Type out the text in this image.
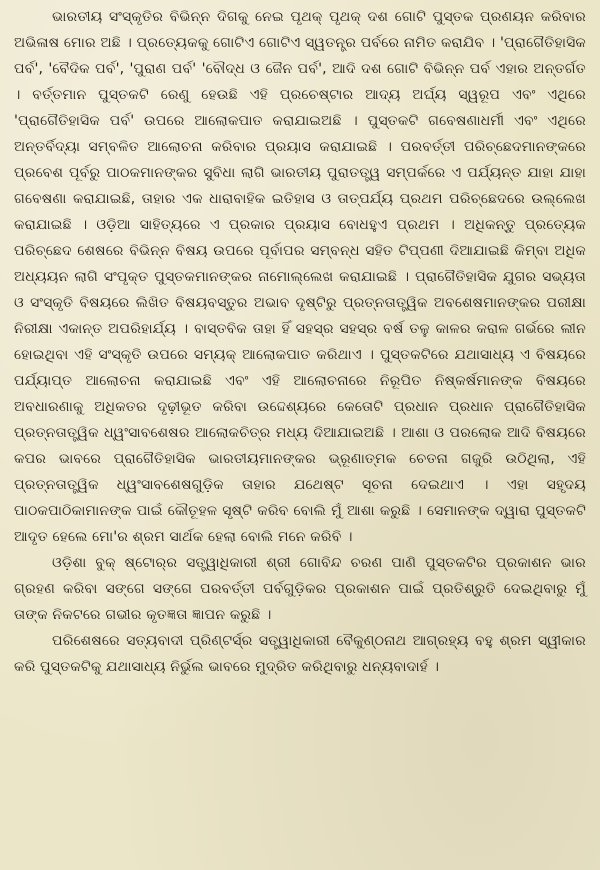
ଭାରତୀୟ ସଂସ୍କୃତିର ବିଭିନ୍ନ ଦିଗକୁ ନେଇ ପୃଥକ୍ ପୃଥକ୍ ଦଶ ଗୋଟି ପୁସ୍ତକ ପ୍ରଣୟନ କରିବାର ଅଭିଳାଷ ମୋର ଅଛି । ପ୍ରତ୍ୟେକକୁ ଗୋଟିଏ ଗୋଟିଏ ସ୍ୱତନ୍ତ୍ର ପର୍ବରେ ନାମିତ କରାଯିବ । 'ପ୍ରାଗୈତିହାସିକ ପର୍ବ', 'ବୈଦିକ ପର୍ବ', 'ପୁରାଣ ପର୍ବ' 'ବୌଦ୍ଧ ଓ ଜୈନ ପର୍ବ', ଆଦି ଦଶ ଗୋଟି ବିଭିନ୍ନ ପର୍ବ ଏହାର ଅନ୍ତର୍ଗତ । ବର୍ତ୍ତମାନ ପୁସ୍ତକଟି ରେଣୁ ହେଉଛି ଏହି ପ୍ରଚେଷ୍ଟାର ଆଦ୍ୟ ଅର୍ଘ୍ୟ ସ୍ୱରୂପ ଏବଂ ଏଥିରେ 'ପ୍ରାଗୈତିହାସିକ ପର୍ବ' ଉପରେ ଆଲୋକପାତ କରାଯାଇଅଛି । ପୁସ୍ତକଟି ଗବେଷଣାଧର୍ମୀ ଏବଂ ଏଥିରେ ଅନ୍ତର୍ବିଦ୍ୟା ସମ୍ବଳିତ ଆଲୋଚନା କରିବାର ପ୍ରୟାସ କରାଯାଇଛି । ପରବର୍ତ୍ତୀ ପରିଚ୍ଛେଦମାନଙ୍କରେ ପ୍ରବେଶ ପୂର୍ବରୁ ପାଠକମାନଙ୍କର ସୁବିଧା ଲାଗି ଭାରତୀୟ ପୁରାତତ୍ତ୍ୱ ସମ୍ପର୍କରେ ଏ ପର୍ଯ୍ୟନ୍ତ ଯାହା ଯାହା ଗବେଷଣା କରାଯାଇଛି, ତାହାର ଏକ ଧାରାବାହିକ ଇତିହାସ ଓ ତାତ୍ପର୍ଯ୍ୟ ପ୍ରଥମ ପରିଚ୍ଛେଦରେ ଉଲ୍ଲେଖ କରାଯାଇଛି । ଓଡ଼ିଆ ସାହିତ୍ୟରେ ଏ ପ୍ରକାର ପ୍ରୟାସ ବୋଧହୁଏ ପ୍ରଥମ । ଅଧିକନ୍ତୁ ପ୍ରତ୍ୟେକ ପରିଚ୍ଛେଦ ଶେଷରେ ବିଭିନ୍ନ ବିଷୟ ଉପରେ ପୂର୍ବାପର ସମ୍ବନ୍ଧ ସହିତ ଟିପ୍ପଣୀ ଦିଆଯାଇଛି କିମ୍ବା ଅଧିକ ଅଧ୍ୟୟନ ଲାଗି ସଂପୃକ୍ତ ପୁସ୍ତକମାନଙ୍କର ନାମୋଲ୍ଲେଖ କରାଯାଇଛି । ପ୍ରାଗୈତିହାସିକ ଯୁଗର ସଭ୍ୟତା ଓ ସଂସ୍କୃତି ବିଷୟରେ ଲିଖିତ ବିଷୟବସ୍ତୁର ଅଭାବ ଦୃଷ୍ଟିରୁ ପ୍ରତ୍ନତାତ୍ତ୍ୱିକ ଅବଶେଷମାନଙ୍କର ପରୀକ୍ଷା ନିରୀକ୍ଷା ଏକାନ୍ତ ଅପରିହାର୍ଯ୍ୟ । ବାସ୍ତବିକ ତାହା ହିଁ ସହସ୍ର ସହସ୍ର ବର୍ଷ ତଳୁ କାଳର କରାଳ ଗର୍ଭରେ ଲୀନ ହୋଇଥିବା ଏହି ସଂସ୍କୃତି ଉପରେ ସମ୍ୟକ୍ ଆଲୋକପାତ କରିଥାଏ । ପୁସ୍ତକଟିରେ ଯଥାସାଧ୍ୟ ଏ ବିଷୟରେ ପର୍ଯ୍ୟାପ୍ତ ଆଲୋଚନା କରାଯାଇଛି ଏବଂ ଏହି ଆଲୋଚନାରେ ନିରୂପିତ ନିଷ୍କର୍ଷମାନଙ୍କ ବିଷୟରେ ଅବଧାରଣାକୁ ଅଧିକତର ଦୃଢ଼ୀଭୂତ କରିବା ଉଦ୍ଦେଶ୍ୟରେ କେତୋଟି ପ୍ରଧାନ ପ୍ରଧାନ ପ୍ରାଗୈତିହାସିକ ପ୍ରତ୍ନତାତ୍ତ୍ୱିକ ଧ୍ୱଂସାବଶେଷର ଆଲୋକଚିତ୍ର ମଧ୍ୟ ଦିଆଯାଇଅଛି । ଆଶା ଓ ପରଲୋକ ଆଦି ବିଷୟରେ କପର ଭାବରେ ପ୍ରାଗୈତିହାସିକ ଭାରତୀୟମାନଙ୍କର ଭ୍ରୂଣାତ୍ମକ ଚେତନା ଗଜୁରି ଉଠିଥିଲା, ଏହି ପ୍ରତ୍ନତାତ୍ତ୍ୱିକ ଧ୍ୱଂସାବଶେଷଗୁଡ଼ିକ ତାହାର ଯଥେଷ୍ଟ ସୂଚନା ଦେଇଥାଏ । ଏହା ସହୃଦୟ ପାଠକପାଠିକାମାନଙ୍କ ପାଇଁ କୌତୂହଳ ସୃଷ୍ଟି କରିବ ବୋଲି ମୁଁ ଆଶା କରୁଛି । ସେମାନଙ୍କ ଦ୍ୱାରା ପୁସ୍ତକଟି ଆଦୃତ ହେଲେ ମୋ'ର ଶ୍ରମ ସାର୍ଥକ ହେଲା ବୋଲି ମନେ କରିବି ।

ଓଡ଼ିଶା ବୁକ୍ ଷ୍ଟୋର୍‌ର ସତ୍ତ୍ୱାଧିକାରୀ ଶ୍ରୀ ଗୋବିନ୍ଦ ଚରଣ ପାଣି ପୁସ୍ତକଟିର ପ୍ରକାଶନ ଭାର ଗ୍ରହଣ କରିବା ସଙ୍ଗେ ସଙ୍ଗେ ପରବର୍ତ୍ତୀ ପର୍ବଗୁଡ଼ିକର ପ୍ରକାଶନ ପାଇଁ ପ୍ରତିଶ୍ରୁତି ଦେଇଥିବାରୁ ମୁଁ ତାଙ୍କ ନିକଟରେ ଗଭୀର କୃତଜ୍ଞତା ଜ୍ଞାପନ କରୁଛି ।

ପରିଶେଷରେ ସତ୍ୟବାଦୀ ପ୍ରିଣ୍ଟର୍ସ୍‌ର ସତ୍ତ୍ୱାଧିକାରୀ ବୈକୁଣ୍ଠନାଥ ଆଗ୍ରହ୍ୟ ବହୁ ଶ୍ରମ ସ୍ୱୀକାର କରି ପୁସ୍ତକଟିକୁ ଯଥାସାଧ୍ୟ ନିର୍ଭୁଲ ଭାବରେ ମୁଦ୍ରିତ କରିଥିବାରୁ ଧନ୍ୟବାଦାର୍ହ ।
